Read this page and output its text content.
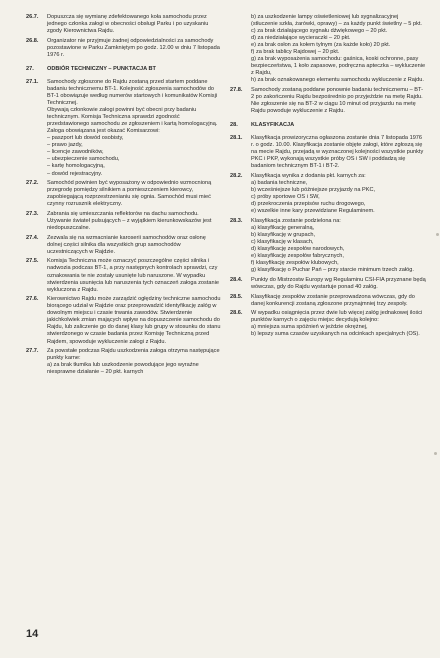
26.7.	Dopuszcza się wymianę zdefektowanego koła samochodu przez jednego członka załogi w obecności obsługi Parku i po uzyskaniu zgody Kierownictwa Rajdu.
26.8.	Organizator nie przyjmuje żadnej odpowiedzialności za samochody pozostawione w Parku Zamkniętym po godz. 12.00 w dniu 7 listopada 1976 r.
27.	ODBIÓR TECHNICZNY – PUNKTACJA BT
27.1.	Samochody zgłoszone do Rajdu zostaną przed startem poddane badaniu technicznemu BT-1. Kolejność zgłoszenia samochodów do BT-1 obowiązuje według numerów startowych i komunikatów Komisji Technicznej.
Obywają członkowie załogi powinni być obecni przy badaniu technicznym. Komisja Techniczna sprawdzi zgodność przedstawionego samochodu ze zgłoszeniem i kartą homologacyjną.
Załoga obowiązana jest okazać Komisarzowi:
– paszport lub dowód osobisty,
– prawo jazdy,
– licencje zawodników,
– ubezpieczenie samochodu,
– kartę homologacyjną,
– dowód rejestracyjny.
27.2.	Samochód powinien być wyposażony w odpowiednio wzmocnioną przegrodę pomiędzy silnikiem a pomieszczeniem kierowcy, zapobiegającą rozprzestrzenianiu się ognia. Samochód musi mieć czynny rozrusznik elektryczny.
27.3.	Zabrania się umieszczania reflektorów na dachu samochodu. Używanie świateł pulsujących – z wyjątkiem kierunkowskazów jest niedopuszczalne.
27.4.	Zezwala się na wzmacnianie karoserii samochodów oraz osłonę dolnej części silnika dla wszystkich grup samochodów uczestniczących w Rajdzie.
27.5.	Komisja Techniczna może oznaczyć poszczególne części silnika i nadwozia podczas BT-1, a przy następnych kontrolach sprawdzi, czy oznakowania te nie zostały usunięte lub naruszone. W wypadku stwierdzenia usunięcia lub naruszenia tych oznaczeń załoga zostanie wykluczona z Rajdu.
27.6.	Kierownictwo Rajdu może zarządzić ogłędziny techniczne samochodu biorącego udział w Rajdzie oraz przeprowadzić identyfikację załóg w dowolnym miejscu i czasie trwania zawodów. Stwierdzenie jakichkolwiek zmian mających wpływ na dopuszczenie samochodu do Rajdu, lub zaliczenie go do danej klasy lub grupy w stosunku do stanu stwierdzonego w czasie badania przez Komisję Techniczną przed Rajdem, spowoduje wykluczenie załogi z Rajdu.
27.7.	Za powstałe podczas Rajdu uszkodzenia załoga otrzyma następujące punkty karne:
a) za brak tłumika lub uszkodzenie powodujące jego wyraźne niesprawne działanie – 20 pkt. karnych
b) za uszkodzenie lampy oświetleniowej lub sygnalizacyjnej (stłuczenie szkła, żarówki, oprawy) – za każdy punkt świetlny – 5 pkt.
c) za brak działającego sygnału dźwiękowego – 20 pkt.
d) za niedziałające wycieraczki – 20 pkt.
e) za brak osłon za kołem tylnym (za każde koło) 20 pkt.
f) za brak tablicy Rajdowej – 20 pkt.
g) za brak wyposażenia samochodu: gaśnica, koski ochronne, pasy bezpieczeństwa, 1 koło zapasowe, podręczna apteczka – wykluczenie z Rajdu,
h) za brak oznakowanego elementu samochodu wykluczenie z Rajdu.
27.8.	Samochody zostaną poddane ponownie badaniu technicznemu – BT-2 po zakończeniu Rajdu bezpośrednio po przyjeździe na metę Rajdu. Nie zgłoszenie się na BT-2 w ciągu 10 minut od przyjazdu na metę Rajdu powoduje wykluczenie z Rajdu.
28.	KLASYFIKACJA
28.1.	Klasyfikacja prowizoryczna ogłaszona zostanie dnia 7 listopada 1976 r. o godz. 10.00. Klasyfikacja zostanie objęte załogi, które zgłoszą się na mecie Rajdu, przejadą w wyznaczonej kolejności wszystkie punkty PKC i PKP, wykonają wszystkie próby OS i SW i poddadzą się badaniom technicznym BT-1 i BT-2.
28.2.	Klasyfikacja wynika z dodania pkt. karnych za:
a) badania techniczne,
b) wcześniejsze lub późniejsze przyjazdy na PKC,
c) próby sportowe OS i SW,
d) przekroczenia przepisów ruchu drogowego,
e) wszelkie inne kary przewidziane Regulaminem.
28.3.	Klasyfikacja zostanie podzielona na:
a) klasyfikację generalną,
b) klasyfikację w grupach,
c) klasyfikację w klasach,
d) klasyfikację zespołów narodowych,
e) klasyfikację zespołów fabrycznych,
f) klasyfikację zespołów klubowych,
g) klasyfikację o Puchar Pań – przy starcie minimum trzech załóg.
28.4.	Punkty do Mistrzostw Europy wg Regulaminu CSI-FIA przyznane będą wówczas, gdy do Rajdu wystartuje ponad 40 załóg.
28.5.	Klasyfikację zespołów zostanie przeprowadzona wówczas, gdy do danej konkurencji zostaną zgłoszone przynajmniej trzy zespoły.
28.6.	W wypadku osiągnięcia przez dwie lub więcej załóg jednakowej ilości punktów karnych o zajęciu miejsc decydują kolejno:
a) mniejsza suma spóźnień w jeździe okrężnej,
b) lepszy suma czasów uzyskanych na odcinkach specjalnych (OS).
14
